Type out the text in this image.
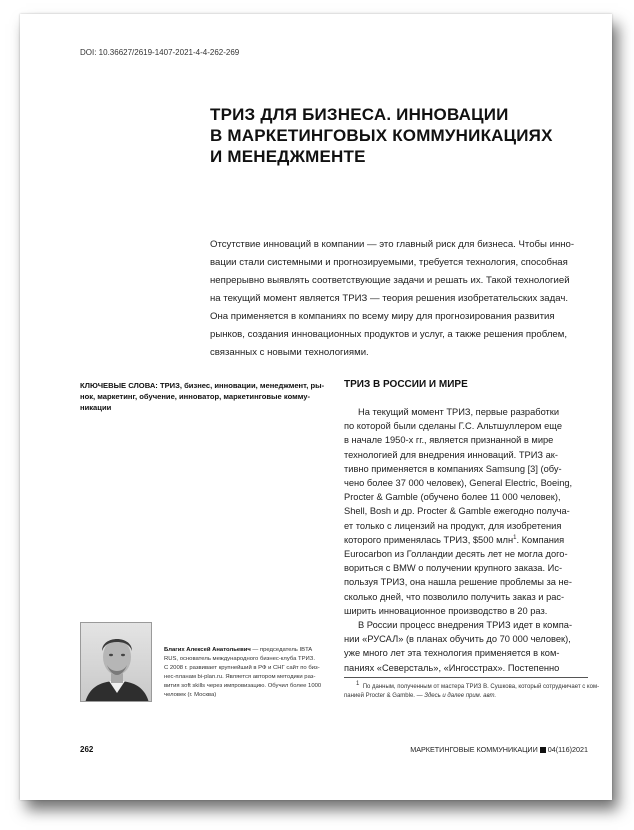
DOI: 10.36627/2619-1407-2021-4-4-262-269
ТРИЗ ДЛЯ БИЗНЕСА. ИННОВАЦИИ
В МАРКЕТИНГОВЫХ КОММУНИКАЦИЯХ
И МЕНЕДЖМЕНТЕ
Отсутствие инноваций в компании — это главный риск для бизнеса. Чтобы инно-
вации стали системными и прогнозируемыми, требуется технология, способная
непрерывно выявлять соответствующие задачи и решать их. Такой технологией
на текущий момент является ТРИЗ — теория решения изобретательских задач.
Она применяется в компаниях по всему миру для прогнозирования развития
рынков, создания инновационных продуктов и услуг, а также решения проблем,
связанных с новыми технологиями.
КЛЮЧЕВЫЕ СЛОВА: ТРИЗ, бизнес, инновации, менеджмент, ры-
нок, маркетинг, обучение, инноватор, маркетинговые комму-
никации
ТРИЗ В РОССИИ И МИРЕ
На текущий момент ТРИЗ, первые разработки
по которой были сделаны Г.С. Альтшуллером еще
в начале 1950-х гг., является признанной в мире
технологией для внедрения инноваций. ТРИЗ ак-
тивно применяется в компаниях Samsung [3] (обу-
чено более 37 000 человек), General Electric, Boeing,
Procter & Gamble (обучено более 11 000 человек),
Shell, Bosh и др. Procter & Gamble ежегодно получа-
ет только с лицензий на продукт, для изобретения
которого применялась ТРИЗ, $500 млн$^1$. Компания
Eurocarbon из Голландии десять лет не могла дого-
вориться с BMW о получении крупного заказа. Ис-
пользуя ТРИЗ, она нашла решение проблемы за не-
сколько дней, что позволило получить заказ и рас-
ширить инновационное производство в 20 раз.
В России процесс внедрения ТРИЗ идет в компа-
нии «РУСАЛ» (в планах обучить до 70 000 человек),
уже много лет эта технология применяется в ком-
паниях «Северсталь», «Ингосстрах». Постепенно
$^1$ По данным, полученным от мастера ТРИЗ В. Сушкова, который сотрудничает с ком-
панией Procter & Gamble. — Здесь и далее прим. авт.
Благих Алексей Анатольевич — председатель IBTA
RUS, основатель международного бизнес-клуба ТРИЗ.
С 2008 г. развивает крупнейший в РФ и СНГ сайт по биз-
нес-планам bi-plan.ru. Является автором методики раз-
вития soft skills через импровизацию. Обучил более 1000
человек (г. Москва)
262	МАРКЕТИНГОВЫЕ КОММУНИКАЦИИ 04(116)2021
